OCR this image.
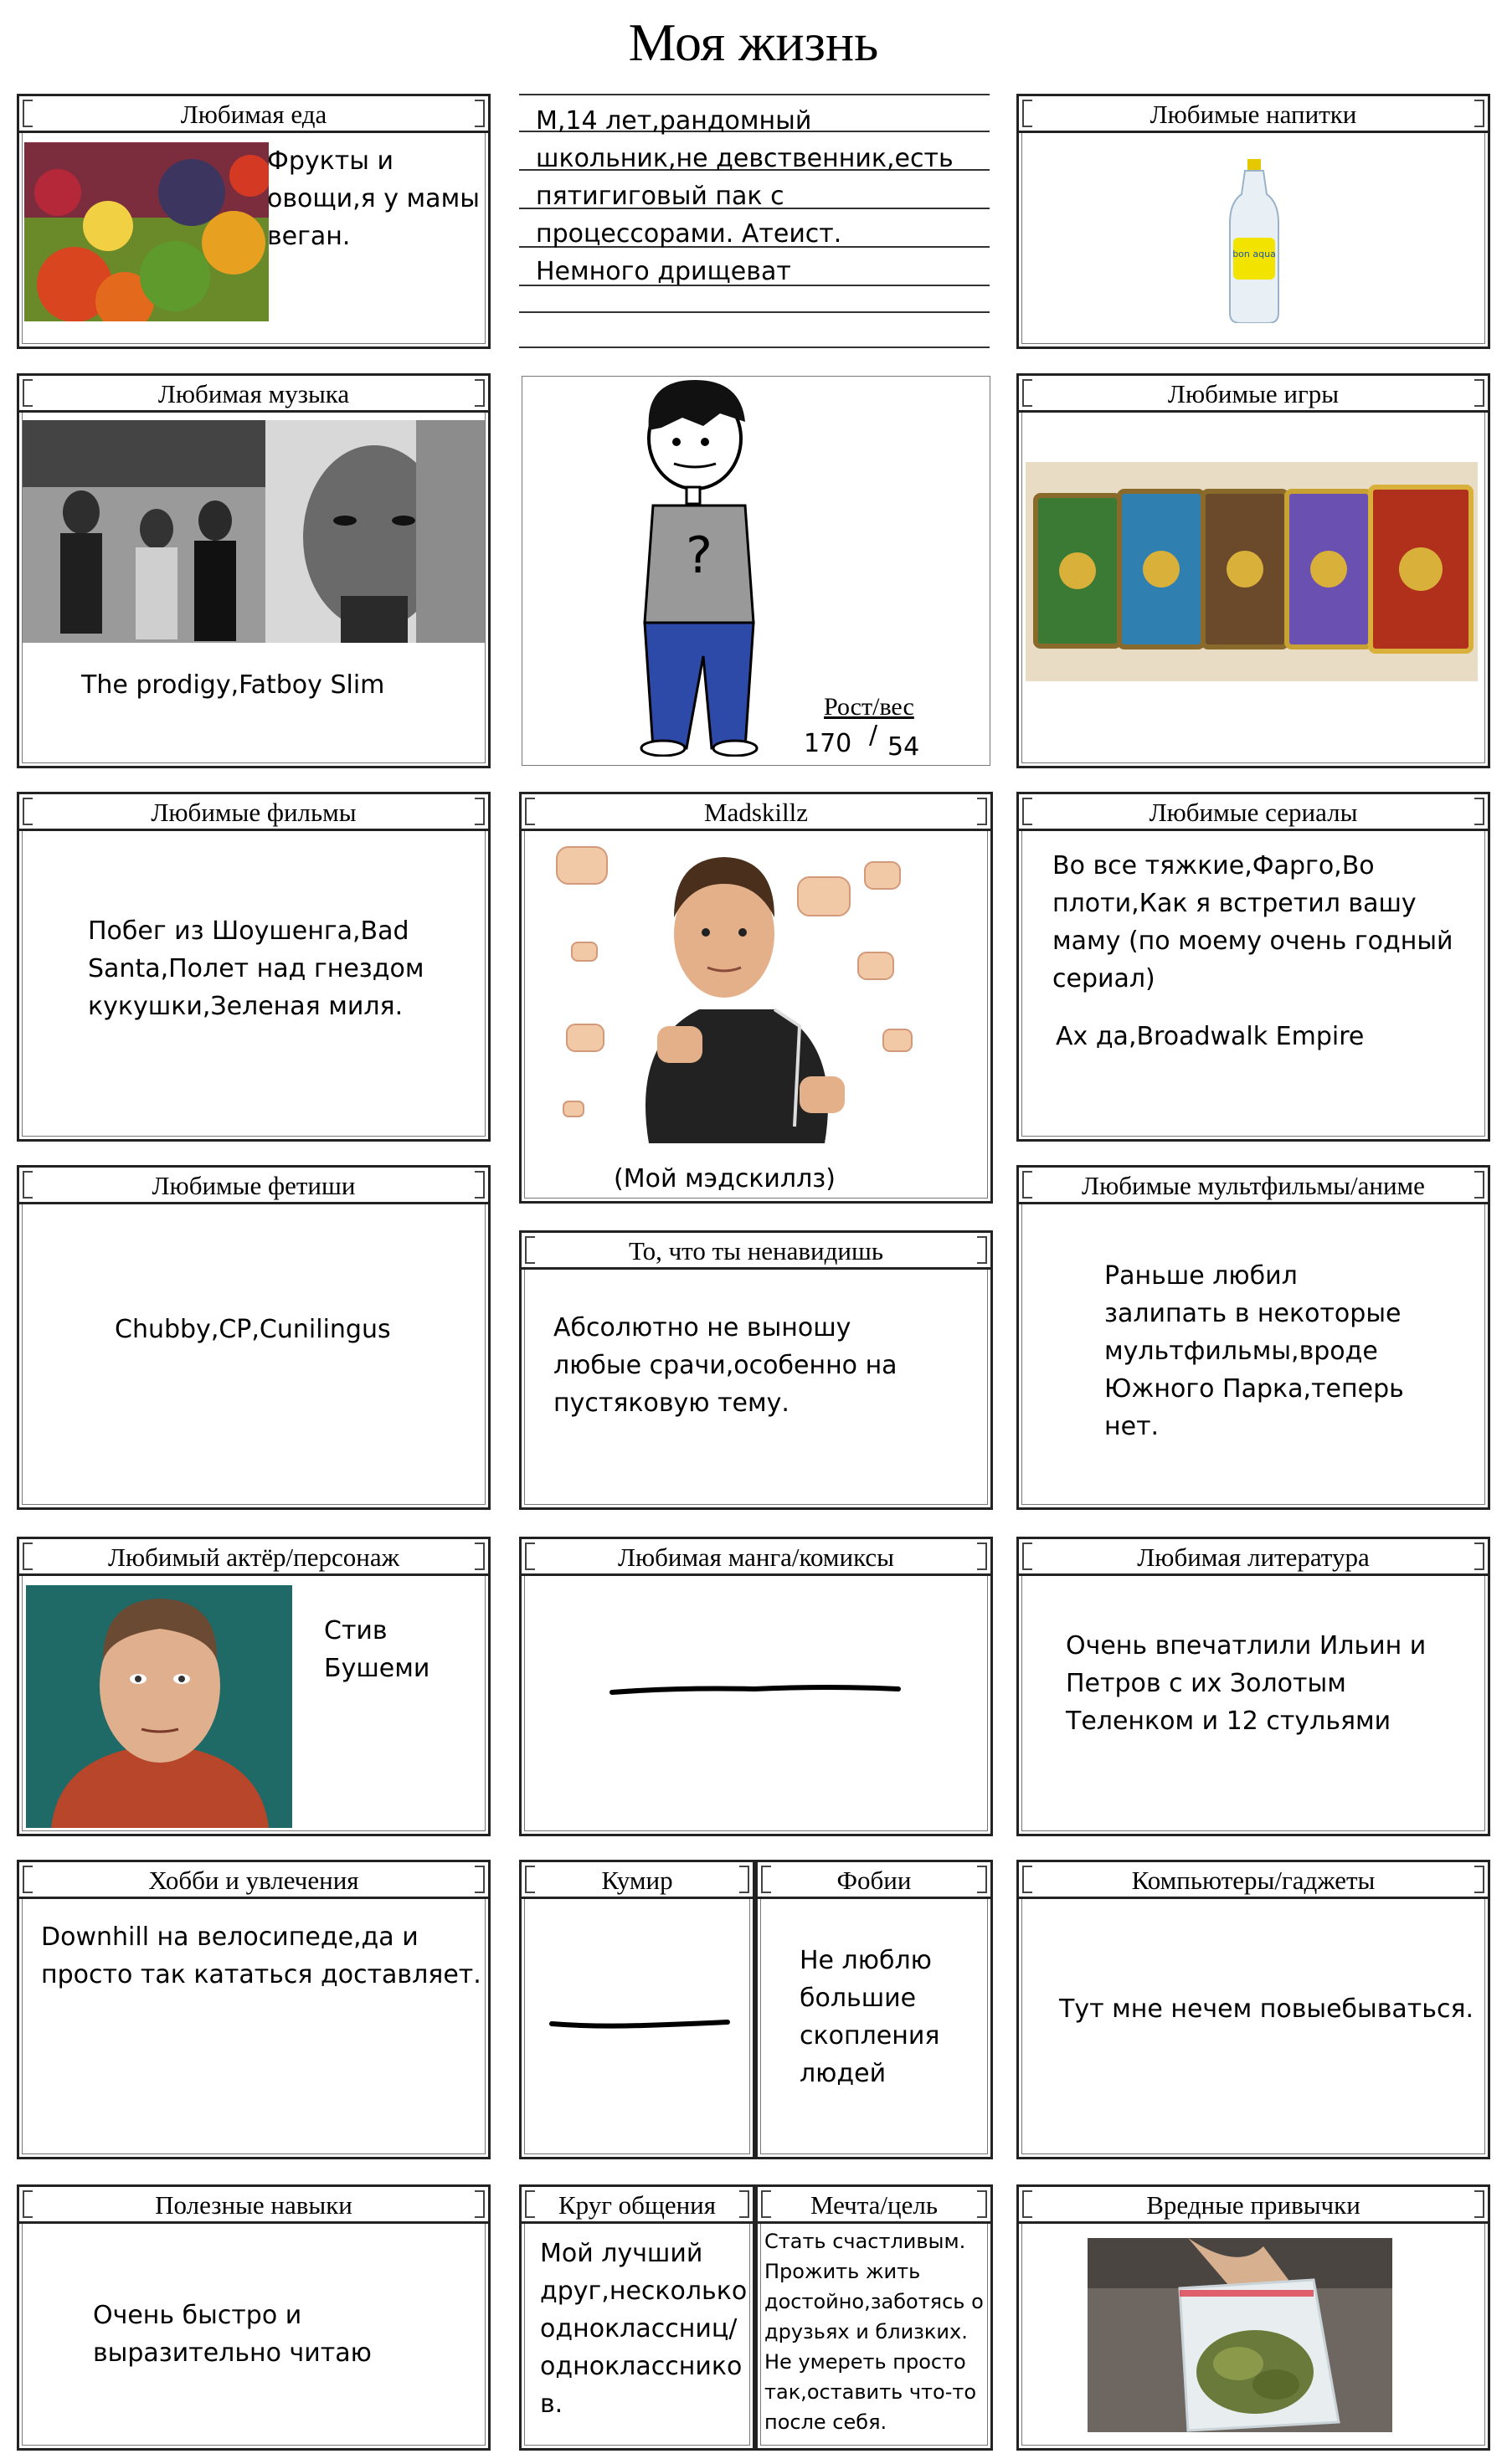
Моя жизнь
Любимая еда
Фрукты и
овощи,я у мамы
веган.
М,14 лет,рандомный
школьник,не девственник,есть
пятигиговый пак с
процессорами. Атеист.
Немного дрищеват
Любимые напитки
bon aqua
Любимая музыка
The prodigy,Fatboy Slim
?
Рост/вес
170 / 54
Любимые игры
Любимые фильмы
Побег из Шоушенга,Bad
Santa,Полет над гнездом
кукушки,Зеленая миля.
Madskillz
(Мой мэдскиллз)
Любимые сериалы
Во все тяжкие,Фарго,Во
плоти,Как я встретил вашу
маму (по моему очень годный
сериал)
Ах да,Broadwalk Empire
Любимые фетиши
Chubby,CP,Cunilingus
То, что ты ненавидишь
Абсолютно не выношу
любые срачи,особенно на
пустяковую тему.
Любимые мультфильмы/аниме
Раньше любил
залипать в некоторые
мультфильмы,вроде
Южного Парка,теперь
нет.
Любимый актёр/персонаж
Стив
Бушеми
Любимая манга/комиксы	Любимая литература
Очень впечатлили Ильин и
Петров с их Золотым
Теленком и 12 стульями
Хобби и увлечения
Downhill на велосипеде,да и
просто так кататься доставляет.
Кумир	Фобии
Не люблю
большие
скопления
людей
Компьютеры/гаджеты
Тут мне нечем повыебываться.
Полезные навыки
Очень быстро и
выразительно читаю
Круг общения
Мой лучший
друг,несколько
одноклассниц/
однокласснико
в.
Мечта/цель
Стать счастливым.
Прожить жить
достойно,заботясь о
друзьях и близких.
Не умереть просто
так,оставить что-то
после себя.
Вредные привычки
